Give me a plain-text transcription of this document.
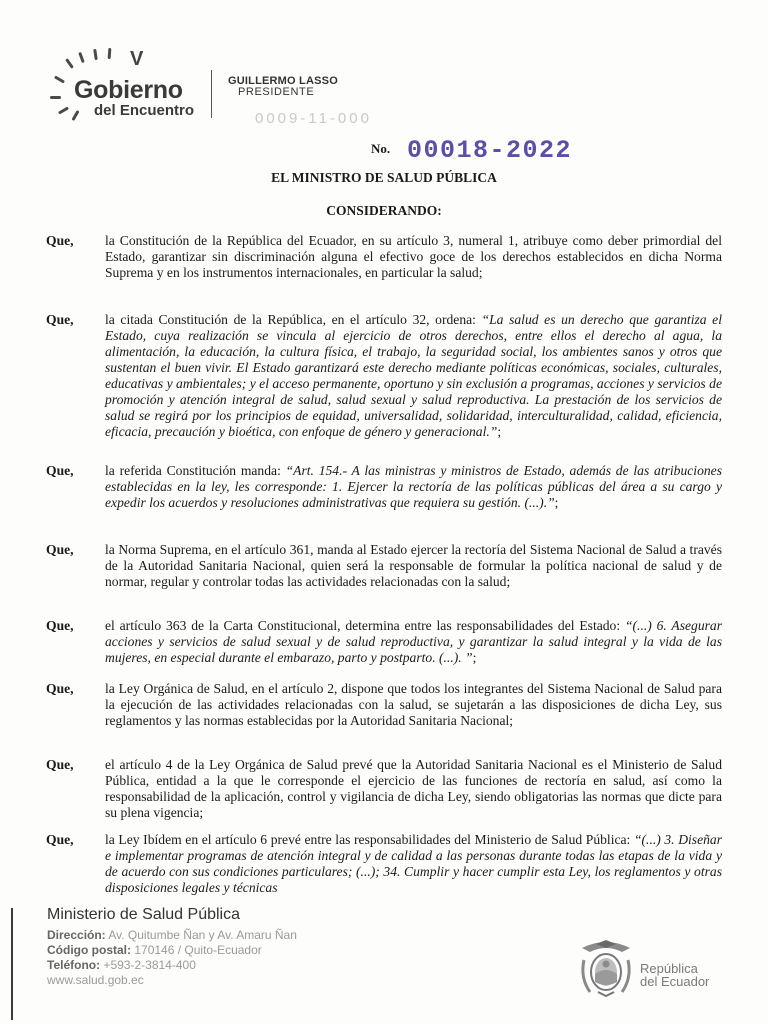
V
Gobierno
del Encuentro
GUILLERMO LASSO
PRESIDENTE
0009-11-000
No. 00018-2022
EL MINISTRO DE SALUD PÚBLICA
CONSIDERANDO:
Que,	la Constitución de la República del Ecuador, en su artículo 3, numeral 1, atribuye como deber primordial del Estado, garantizar sin discriminación alguna el efectivo goce de los derechos establecidos en dicha Norma Suprema y en los instrumentos internacionales, en particular la salud;
Que,	la citada Constitución de la República, en el artículo 32, ordena: “La salud es un derecho que garantiza el Estado, cuya realización se vincula al ejercicio de otros derechos, entre ellos el derecho al agua, la alimentación, la educación, la cultura física, el trabajo, la seguridad social, los ambientes sanos y otros que sustentan el buen vivir. El Estado garantizará este derecho mediante políticas económicas, sociales, culturales, educativas y ambientales; y el acceso permanente, oportuno y sin exclusión a programas, acciones y servicios de promoción y atención integral de salud, salud sexual y salud reproductiva. La prestación de los servicios de salud se regirá por los principios de equidad, universalidad, solidaridad, interculturalidad, calidad, eficiencia, eficacia, precaución y bioética, con enfoque de género y generacional.”;
Que,	la referida Constitución manda: “Art. 154.- A las ministras y ministros de Estado, además de las atribuciones establecidas en la ley, les corresponde: 1. Ejercer la rectoría de las políticas públicas del área a su cargo y expedir los acuerdos y resoluciones administrativas que requiera su gestión. (...).”;
Que,	la Norma Suprema, en el artículo 361, manda al Estado ejercer la rectoría del Sistema Nacional de Salud a través de la Autoridad Sanitaria Nacional, quien será la responsable de formular la política nacional de salud y de normar, regular y controlar todas las actividades relacionadas con la salud;
Que,	el artículo 363 de la Carta Constitucional, determina entre las responsabilidades del Estado: “(...) 6. Asegurar acciones y servicios de salud sexual y de salud reproductiva, y garantizar la salud integral y la vida de las mujeres, en especial durante el embarazo, parto y postparto. (...). ”;
Que,	la Ley Orgánica de Salud, en el artículo 2, dispone que todos los integrantes del Sistema Nacional de Salud para la ejecución de las actividades relacionadas con la salud, se sujetarán a las disposiciones de dicha Ley, sus reglamentos y las normas establecidas por la Autoridad Sanitaria Nacional;
Que,	el artículo 4 de la Ley Orgánica de Salud prevé que la Autoridad Sanitaria Nacional es el Ministerio de Salud Pública, entidad a la que le corresponde el ejercicio de las funciones de rectoría en salud, así como la responsabilidad de la aplicación, control y vigilancia de dicha Ley, siendo obligatorias las normas que dicte para su plena vigencia;
Que,	la Ley Ibídem en el artículo 6 prevé entre las responsabilidades del Ministerio de Salud Pública: “(...) 3. Diseñar e implementar programas de atención integral y de calidad a las personas durante todas las etapas de la vida y de acuerdo con sus condiciones particulares; (...); 34. Cumplir y hacer cumplir esta Ley, los reglamentos y otras disposiciones legales y técnicas
Ministerio de Salud Pública
Dirección: Av. Quitumbe Ñan y Av. Amaru Ñan
Código postal: 170146 / Quito-Ecuador
Teléfono: +593-2-3814-400
www.salud.gob.ec
República
del Ecuador
